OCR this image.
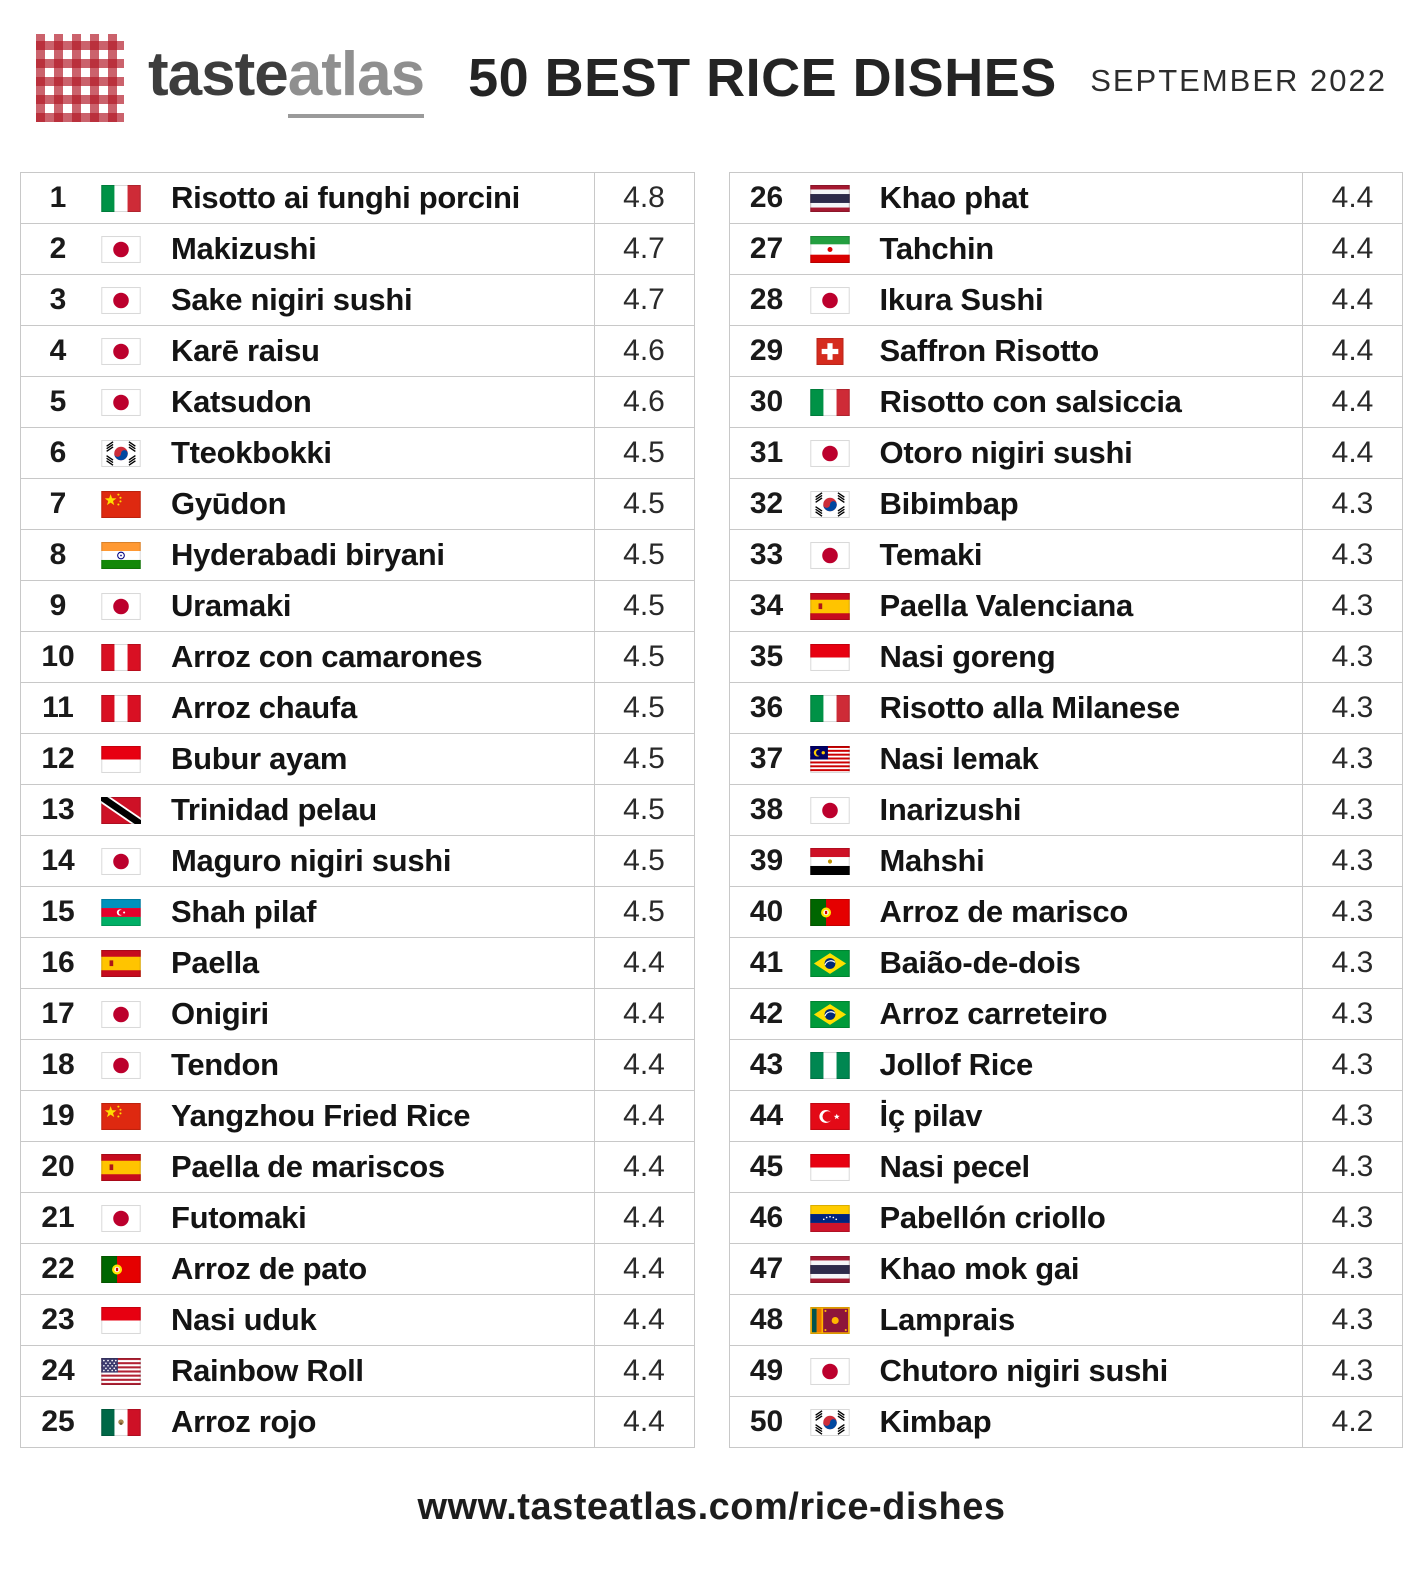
tasteatlas 50 BEST RICE DISHES SEPTEMBER 2022
1	Risotto ai funghi porcini	4.8
2	Makizushi	4.7
3	Sake nigiri sushi	4.7
4	Karē raisu	4.6
5	Katsudon	4.6
6	Tteokbokki	4.5
7	Gyūdon	4.5
8	Hyderabadi biryani	4.5
9	Uramaki	4.5
10	Arroz con camarones	4.5
11	Arroz chaufa	4.5
12	Bubur ayam	4.5
13	Trinidad pelau	4.5
14	Maguro nigiri sushi	4.5
15	Shah pilaf	4.5
16	Paella	4.4
17	Onigiri	4.4
18	Tendon	4.4
19	Yangzhou Fried Rice	4.4
20	Paella de mariscos	4.4
21	Futomaki	4.4
22	Arroz de pato	4.4
23	Nasi uduk	4.4
24	Rainbow Roll	4.4
25	Arroz rojo	4.4
26	Khao phat	4.4
27	Tahchin	4.4
28	Ikura Sushi	4.4
29	Saffron Risotto	4.4
30	Risotto con salsiccia	4.4
31	Otoro nigiri sushi	4.4
32	Bibimbap	4.3
33	Temaki	4.3
34	Paella Valenciana	4.3
35	Nasi goreng	4.3
36	Risotto alla Milanese	4.3
37	Nasi lemak	4.3
38	Inarizushi	4.3
39	Mahshi	4.3
40	Arroz de marisco	4.3
41	Baião-de-dois	4.3
42	Arroz carreteiro	4.3
43	Jollof Rice	4.3
44	İç pilav	4.3
45	Nasi pecel	4.3
46	Pabellón criollo	4.3
47	Khao mok gai	4.3
48	Lamprais	4.3
49	Chutoro nigiri sushi	4.3
50	Kimbap	4.2
www.tasteatlas.com/rice-dishes
